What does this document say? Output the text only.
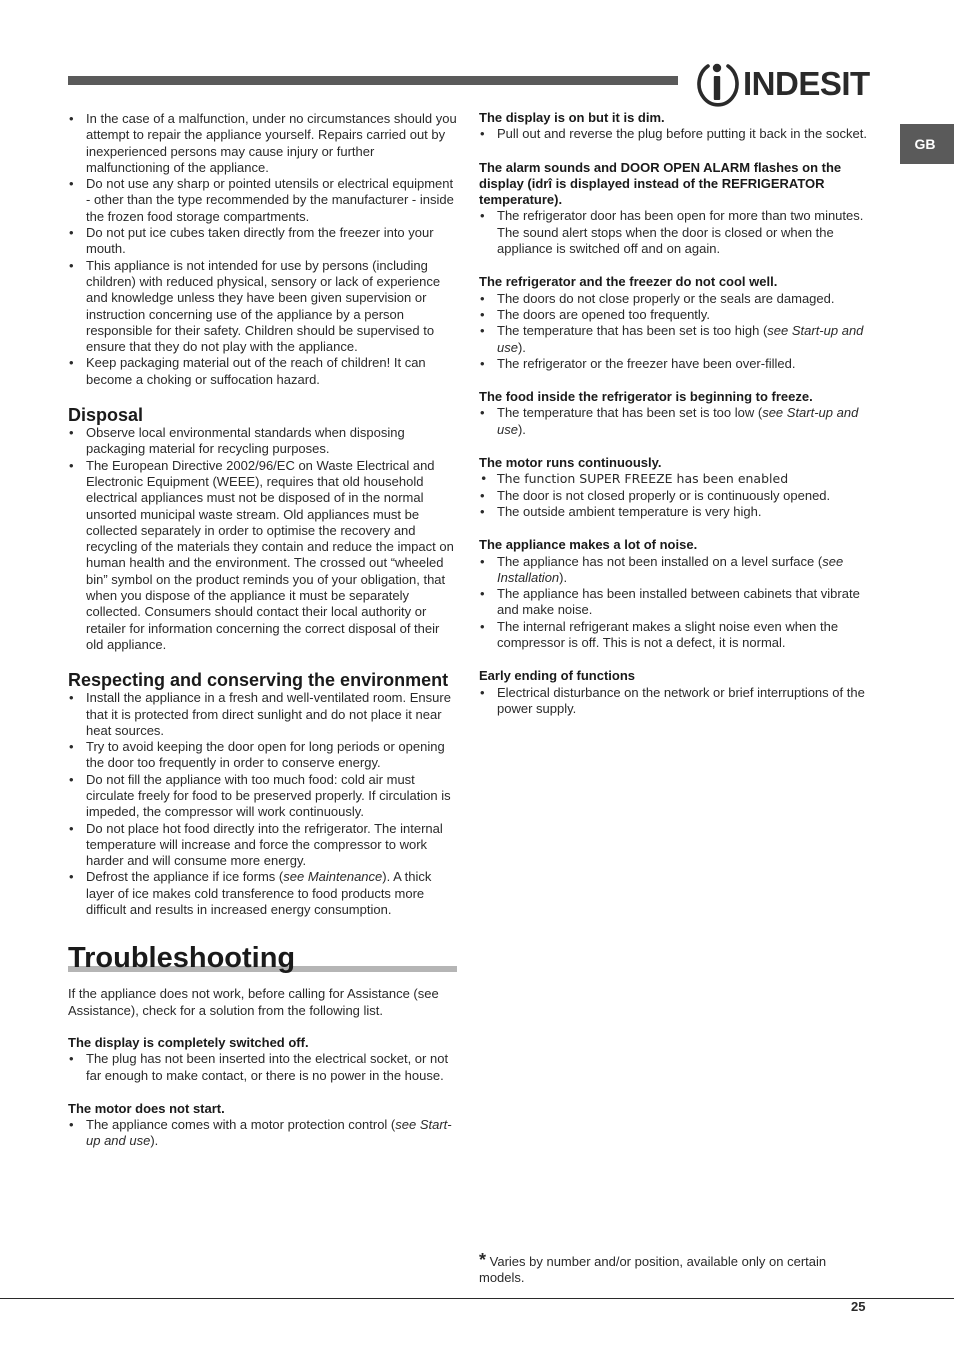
INDESIT
GB
• In the case of a malfunction, under no circumstances should you attempt to repair the appliance yourself. Repairs carried out by inexperienced persons may cause injury or further malfunctioning of the appliance.
• Do not use any sharp or pointed utensils or electrical equipment - other than the type recommended by the manufacturer - inside the frozen food storage compartments.
• Do not put ice cubes taken directly from the freezer into your mouth.
• This appliance is not intended for use by persons (including children) with reduced physical, sensory or lack of experience and knowledge unless they have been given supervision or instruction concerning use of the appliance by a person responsible for their safety. Children should be supervised to ensure that they do not play with the appliance.
• Keep packaging material out of the reach of children! It can become a choking or suffocation hazard.
Disposal
• Observe local environmental standards when disposing packaging material for recycling purposes.
• The European Directive 2002/96/EC on Waste Electrical and Electronic Equipment (WEEE), requires that old household electrical appliances must not be disposed of in the normal unsorted municipal waste stream. Old appliances must be collected separately in order to optimise the recovery and recycling of the materials they contain and reduce the impact on human health and the environment. The crossed out “wheeled bin” symbol on the product reminds you of your obligation, that when you dispose of the appliance it must be separately collected. Consumers should contact their local authority or retailer for information concerning the correct disposal of their old appliance.
Respecting and conserving the environment
• Install the appliance in a fresh and well-ventilated room. Ensure that it is protected from direct sunlight and do not place it near heat sources.
• Try to avoid keeping the door open for long periods or opening the door too frequently in order to conserve energy.
• Do not fill the appliance with too much food: cold air must circulate freely for food to be preserved properly. If circulation is impeded, the compressor will work continuously.
• Do not place hot food directly into the refrigerator. The internal temperature will increase and force the compressor to work harder and will consume more energy.
• Defrost the appliance if ice forms (see Maintenance). A thick layer of ice makes cold transference to food products more difficult and results in increased energy consumption.
Troubleshooting

If the appliance does not work, before calling for Assistance (see Assistance), check for a solution from the following list.

The display is completely switched off.
• The plug has not been inserted into the electrical socket, or not far enough to make contact, or there is no power in the house.
The motor does not start.
• The appliance comes with a motor protection control (see Start-up and use).
The display is on but it is dim.
• Pull out and reverse the plug before putting it back in the socket.
The alarm sounds and DOOR OPEN ALARM flashes on the display (idrî is displayed instead of the REFRIGERATOR temperature).
• The refrigerator door has been open for more than two minutes.
The sound alert stops when the door is closed or when the appliance is switched off and on again.
The refrigerator and the freezer do not cool well.
• The doors do not close properly or the seals are damaged.
• The doors are opened too frequently.
• The temperature that has been set is too high (see Start-up and use).
• The refrigerator or the freezer have been over-filled.
The food inside the refrigerator is beginning to freeze.
• The temperature that has been set is too low (see Start-up and use).
The motor runs continuously.
• The function SUPER FREEZE has been enabled
• The door is not closed properly or is continuously opened.
• The outside ambient temperature is very high.
The appliance makes a lot of noise.
• The appliance has not been installed on a level surface (see Installation).
• The appliance has been installed between cabinets that vibrate and make noise.
• The internal refrigerant makes a slight noise even when the compressor is off. This is not a defect, it is normal.
Early ending of functions
• Electrical disturbance on the network or brief interruptions of the power supply.
* Varies by number and/or position, available only on certain models.
25
